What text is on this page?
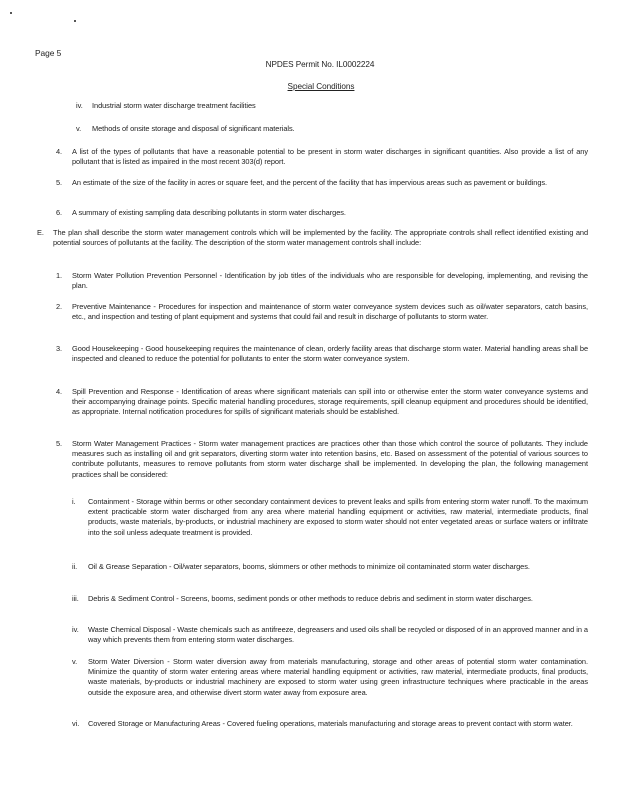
Page 5
NPDES Permit No. IL0002224
Special Conditions
iv. Industrial storm water discharge treatment facilities
v. Methods of onsite storage and disposal of significant materials.
4. A list of the types of pollutants that have a reasonable potential to be present in storm water discharges in significant quantities. Also provide a list of any pollutant that is listed as impaired in the most recent 303(d) report.
5. An estimate of the size of the facility in acres or square feet, and the percent of the facility that has impervious areas such as pavement or buildings.
6. A summary of existing sampling data describing pollutants in storm water discharges.
E. The plan shall describe the storm water management controls which will be implemented by the facility. The appropriate controls shall reflect identified existing and potential sources of pollutants at the facility. The description of the storm water management controls shall include:
1. Storm Water Pollution Prevention Personnel - Identification by job titles of the individuals who are responsible for developing, implementing, and revising the plan.
2. Preventive Maintenance - Procedures for inspection and maintenance of storm water conveyance system devices such as oil/water separators, catch basins, etc., and inspection and testing of plant equipment and systems that could fail and result in discharge of pollutants to storm water.
3. Good Housekeeping - Good housekeeping requires the maintenance of clean, orderly facility areas that discharge storm water. Material handling areas shall be inspected and cleaned to reduce the potential for pollutants to enter the storm water conveyance system.
4. Spill Prevention and Response - Identification of areas where significant materials can spill into or otherwise enter the storm water conveyance systems and their accompanying drainage points. Specific material handling procedures, storage requirements, spill cleanup equipment and procedures should be identified, as appropriate. Internal notification procedures for spills of significant materials should be established.
5. Storm Water Management Practices - Storm water management practices are practices other than those which control the source of pollutants. They include measures such as installing oil and grit separators, diverting storm water into retention basins, etc. Based on assessment of the potential of various sources to contribute pollutants, measures to remove pollutants from storm water discharge shall be implemented. In developing the plan, the following management practices shall be considered:
i. Containment - Storage within berms or other secondary containment devices to prevent leaks and spills from entering storm water runoff. To the maximum extent practicable storm water discharged from any area where material handling equipment or activities, raw material, intermediate products, final products, waste materials, by-products, or industrial machinery are exposed to storm water should not enter vegetated areas or surface waters or infiltrate into the soil unless adequate treatment is provided.
ii. Oil & Grease Separation - Oil/water separators, booms, skimmers or other methods to minimize oil contaminated storm water discharges.
iii. Debris & Sediment Control - Screens, booms, sediment ponds or other methods to reduce debris and sediment in storm water discharges.
iv. Waste Chemical Disposal - Waste chemicals such as antifreeze, degreasers and used oils shall be recycled or disposed of in an approved manner and in a way which prevents them from entering storm water discharges.
v. Storm Water Diversion - Storm water diversion away from materials manufacturing, storage and other areas of potential storm water contamination. Minimize the quantity of storm water entering areas where material handling equipment or activities, raw material, intermediate products, final products, waste materials, by-products or industrial machinery are exposed to storm water using green infrastructure techniques where practicable in the areas outside the exposure area, and otherwise divert storm water away from exposure area.
vi. Covered Storage or Manufacturing Areas - Covered fueling operations, materials manufacturing and storage areas to prevent contact with storm water.
